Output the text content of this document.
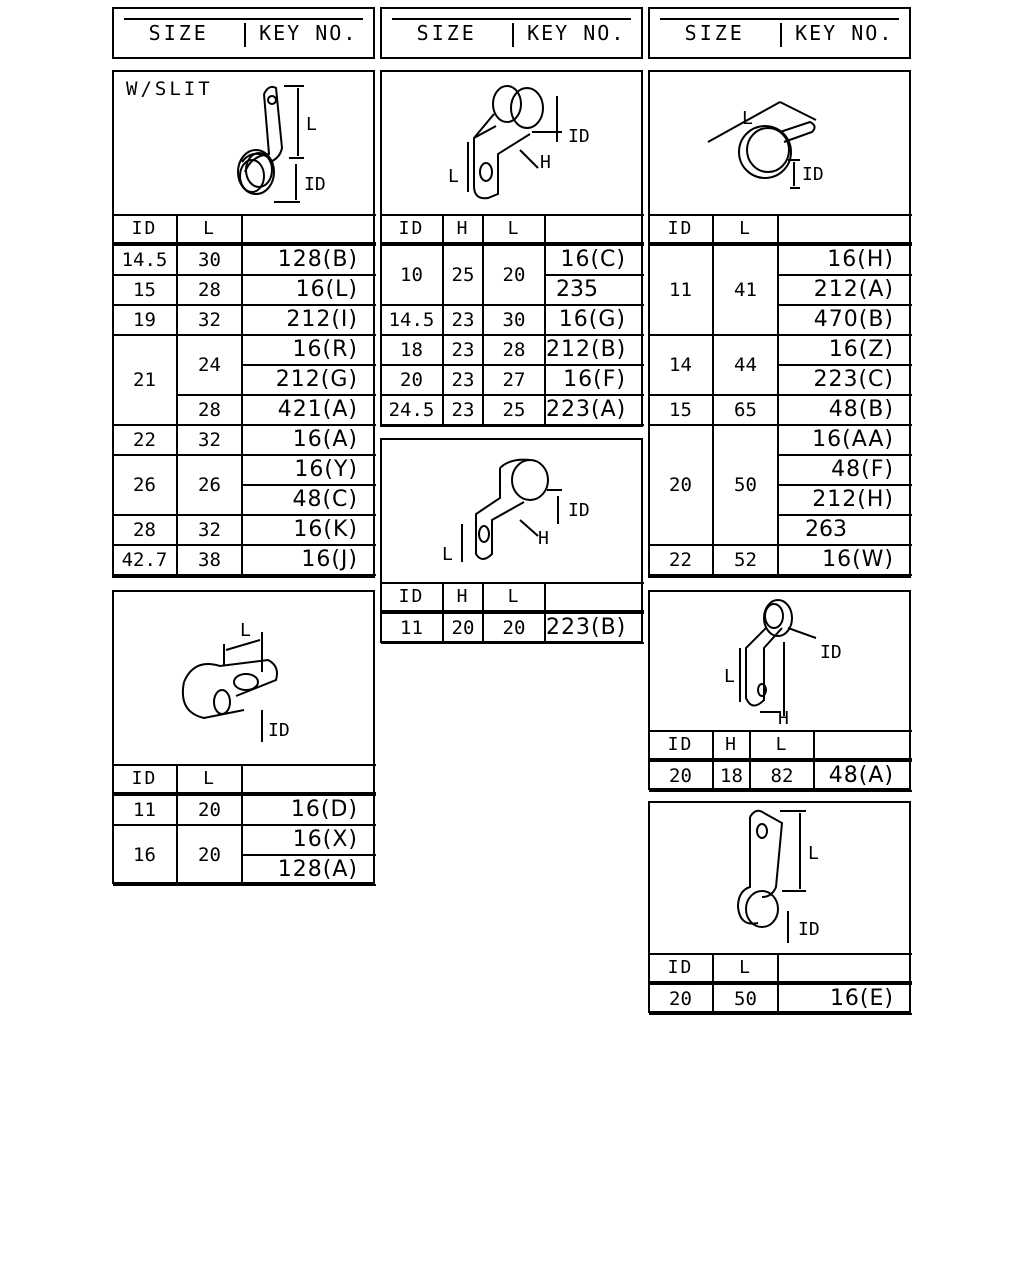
SIZE	KEY NO.	SIZE	KEY NO.	SIZE	KEY NO.
W/SLIT
L
ID
ID	L	
14.5	30	128(B)
15	28	16(L)
19	32	212(I)
21	24	16(R)
		212(G)
	28	421(A)
22	32	16(A)
26	26	16(Y)
		48(C)
28	32	16(K)
42.7	38	16(J)
ID
H
L
ID	H	L	
10	25	20	16(C)
			235
14.5	23	30	16(G)
18	23	28	212(B)
20	23	27	16(F)
24.5	23	25	223(A)
L
ID
ID	L	
11	41	16(H)
		212(A)
		470(B)
14	44	16(Z)
		223(C)
15	65	48(B)
20	50	16(AA)
		48(F)
		212(H)
		263
22	52	16(W)
L
ID
ID	L	
11	20	16(D)
16	20	16(X)
		128(A)
ID
H
L
ID	H	L	
11	20	20	223(B)
ID
L
H
ID	H	L	
20	18	82	48(A)
L
ID
ID	L	
20	50	16(E)
